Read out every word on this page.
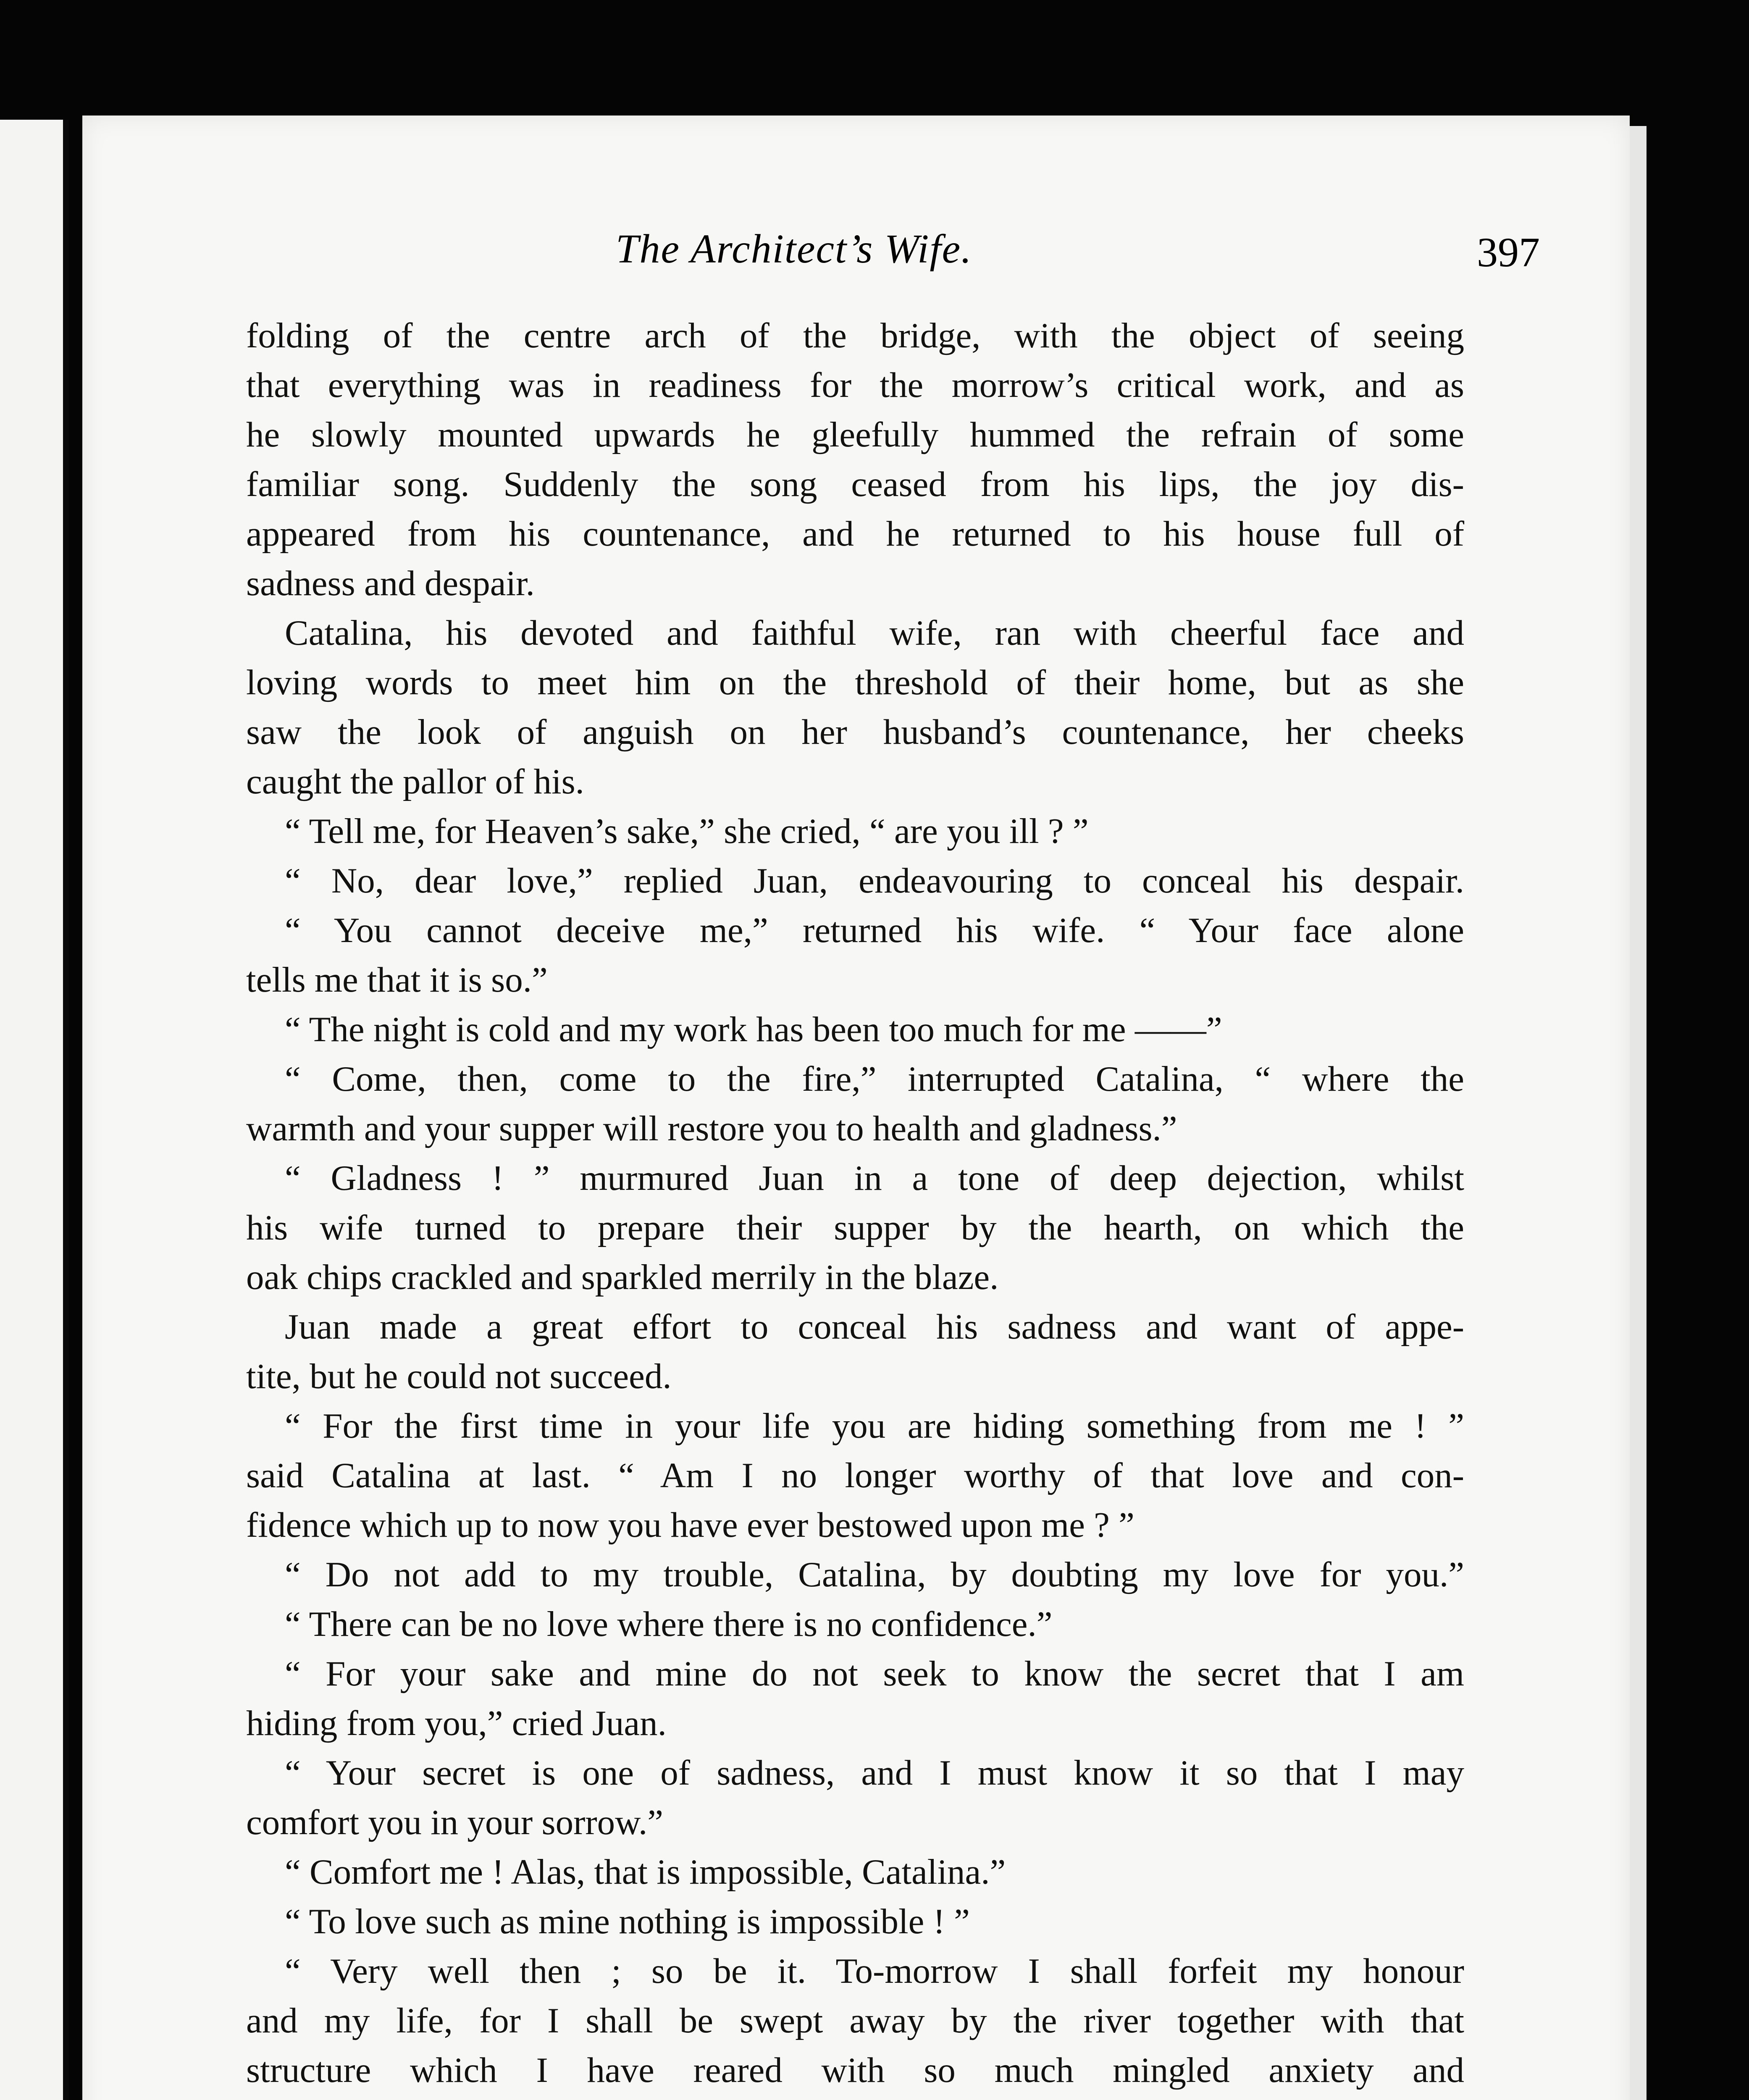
The Architect’s Wife.	397
folding of the centre arch of the bridge, with the object of seeing
that everything was in readiness for the morrow’s critical work, and as
he slowly mounted upwards he gleefully hummed the refrain of some
familiar song. Suddenly the song ceased from his lips, the joy dis-
appeared from his countenance, and he returned to his house full of
sadness and despair.
Catalina, his devoted and faithful wife, ran with cheerful face and
loving words to meet him on the threshold of their home, but as she
saw the look of anguish on her husband’s countenance, her cheeks
caught the pallor of his.
“ Tell me, for Heaven’s sake,” she cried, “ are you ill ? ”
“ No, dear love,” replied Juan, endeavouring to conceal his despair.
“ You cannot deceive me,” returned his wife. “ Your face alone
tells me that it is so.”
“ The night is cold and my work has been too much for me ——”
“ Come, then, come to the fire,” interrupted Catalina, “ where the
warmth and your supper will restore you to health and gladness.”
“ Gladness ! ” murmured Juan in a tone of deep dejection, whilst
his wife turned to prepare their supper by the hearth, on which the
oak chips crackled and sparkled merrily in the blaze.
Juan made a great effort to conceal his sadness and want of appe-
tite, but he could not succeed.
“ For the first time in your life you are hiding something from me ! ”
said Catalina at last. “ Am I no longer worthy of that love and con-
fidence which up to now you have ever bestowed upon me ? ”
“ Do not add to my trouble, Catalina, by doubting my love for you.”
“ There can be no love where there is no confidence.”
“ For your sake and mine do not seek to know the secret that I am
hiding from you,” cried Juan.
“ Your secret is one of sadness, and I must know it so that I may
comfort you in your sorrow.”
“ Comfort me ! Alas, that is impossible, Catalina.”
“ To love such as mine nothing is impossible ! ”
“ Very well then ; so be it. To-morrow I shall forfeit my honour
and my life, for I shall be swept away by the river together with that
structure which I have reared with so much mingled anxiety and
